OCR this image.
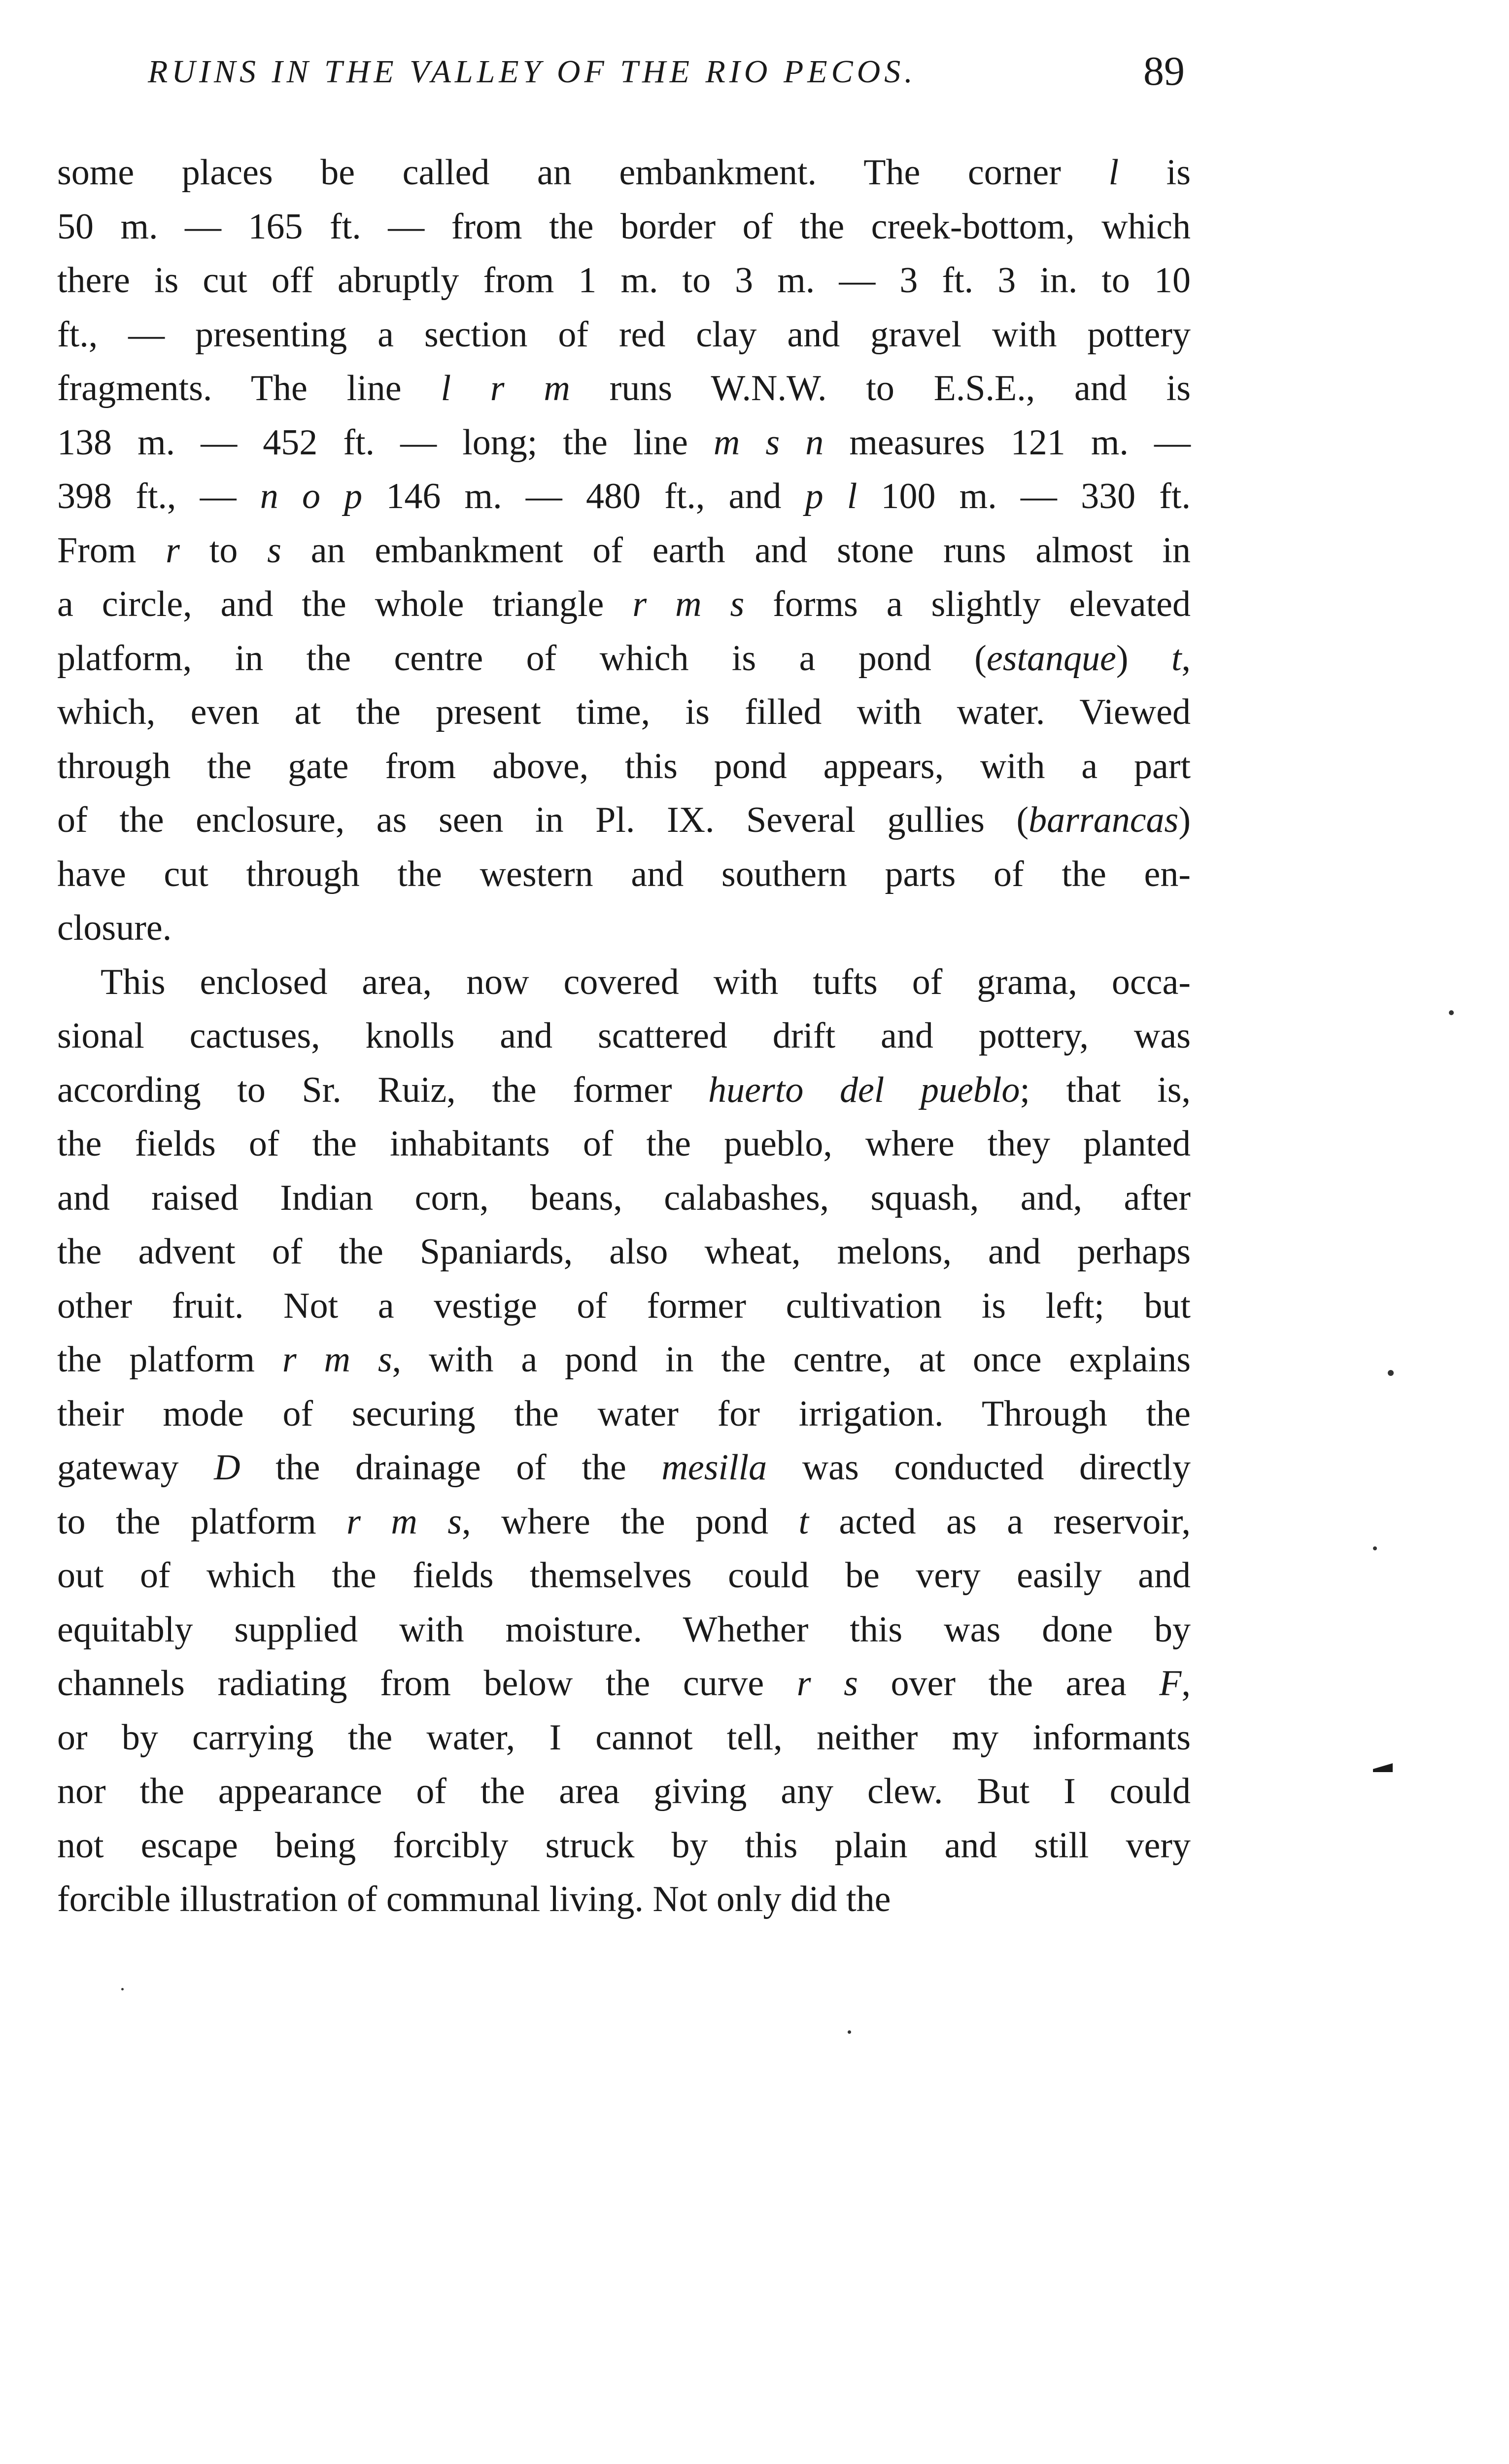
RUINS IN THE VALLEY OF THE RIO PECOS.	89
some places be called an embankment. The corner l is
50 m. — 165 ft. — from the border of the creek-bottom, which
there is cut off abruptly from 1 m. to 3 m. — 3 ft. 3 in. to 10
ft., — presenting a section of red clay and gravel with pottery
fragments. The line l r m runs W.N.W. to E.S.E., and is
138 m. — 452 ft. — long; the line m s n measures 121 m. —
398 ft., — n o p 146 m. — 480 ft., and p l 100 m. — 330 ft.
From r to s an embankment of earth and stone runs almost in
a circle, and the whole triangle r m s forms a slightly elevated
platform, in the centre of which is a pond (estanque) t,
which, even at the present time, is filled with water. Viewed
through the gate from above, this pond appears, with a part
of the enclosure, as seen in Pl. IX. Several gullies (barrancas)
have cut through the western and southern parts of the en-
closure.
This enclosed area, now covered with tufts of grama, occa-
sional cactuses, knolls and scattered drift and pottery, was
according to Sr. Ruiz, the former huerto del pueblo; that is,
the fields of the inhabitants of the pueblo, where they planted
and raised Indian corn, beans, calabashes, squash, and, after
the advent of the Spaniards, also wheat, melons, and perhaps
other fruit. Not a vestige of former cultivation is left; but
the platform r m s, with a pond in the centre, at once explains
their mode of securing the water for irrigation. Through the
gateway D the drainage of the mesilla was conducted directly
to the platform r m s, where the pond t acted as a reservoir,
out of which the fields themselves could be very easily and
equitably supplied with moisture. Whether this was done by
channels radiating from below the curve r s over the area F,
or by carrying the water, I cannot tell, neither my informants
nor the appearance of the area giving any clew. But I could
not escape being forcibly struck by this plain and still very
forcible illustration of communal living. Not only did the
